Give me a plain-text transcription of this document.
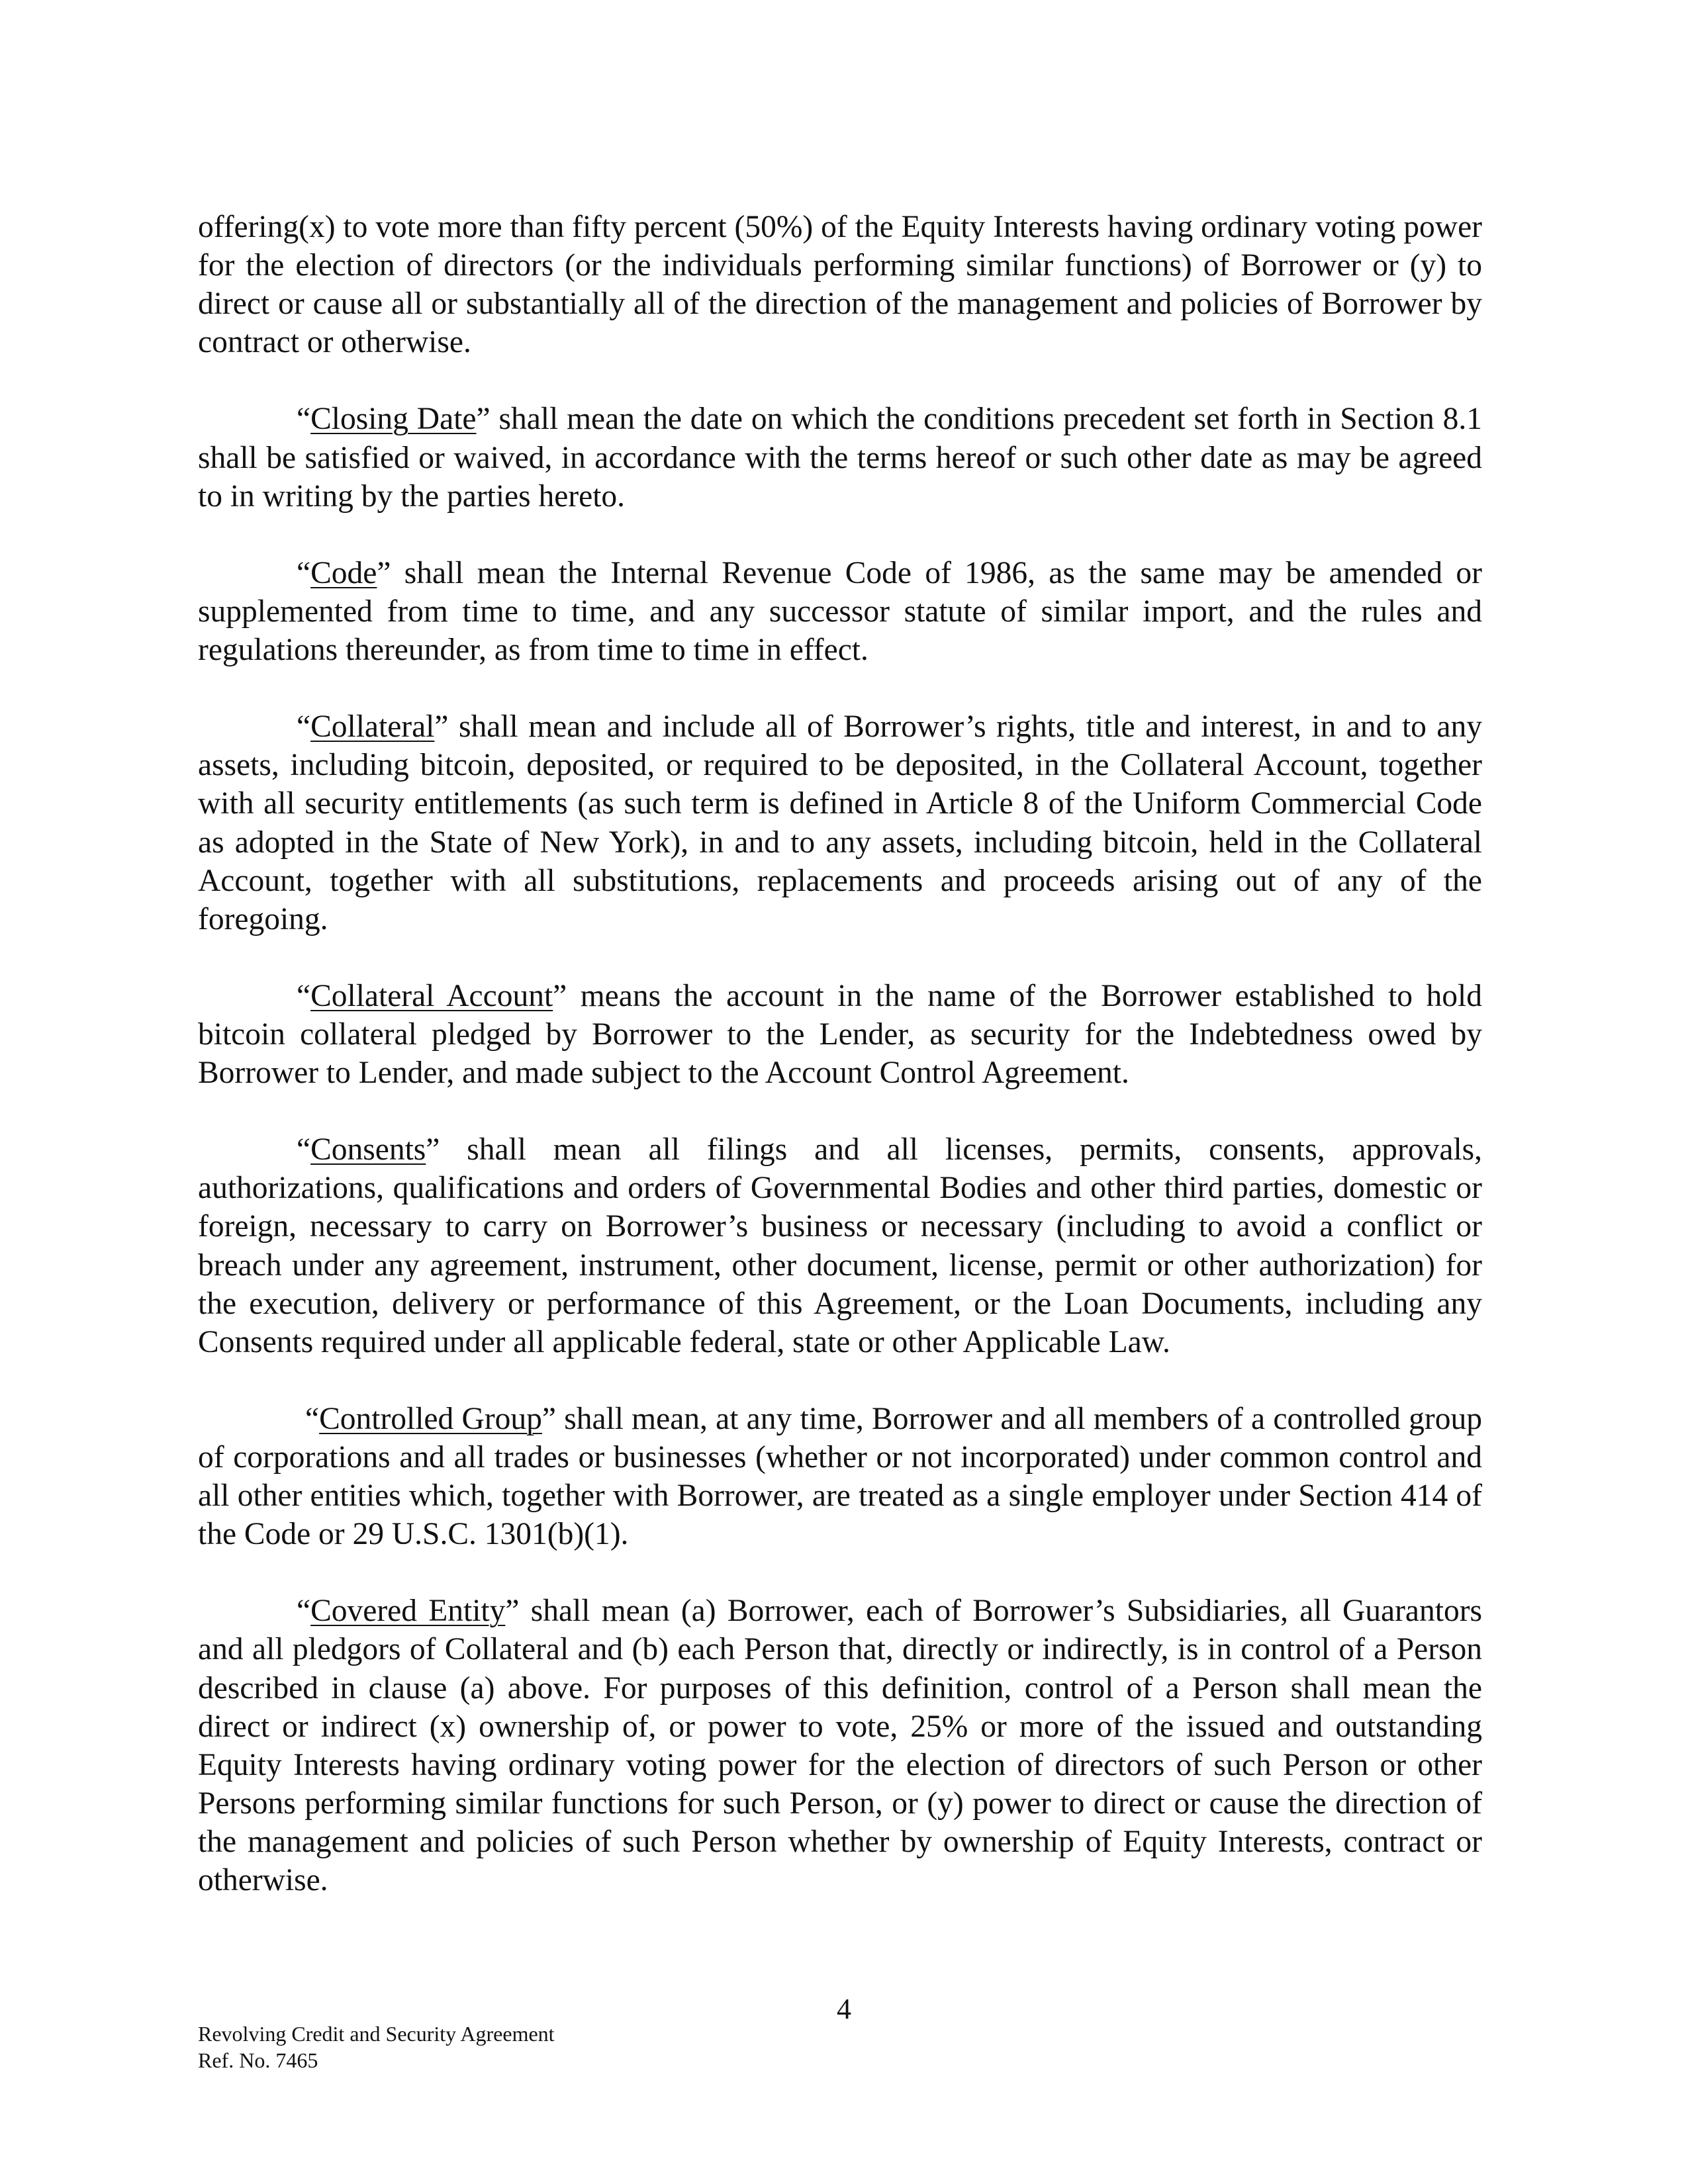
offering(x) to vote more than fifty percent (50%) of the Equity Interests having ordinary voting power for the election of directors (or the individuals performing similar functions) of Borrower or (y) to direct or cause all or substantially all of the direction of the management and policies of Borrower by contract or otherwise.

“Closing Date” shall mean the date on which the conditions precedent set forth in Section 8.1 shall be satisfied or waived, in accordance with the terms hereof or such other date as may be agreed to in writing by the parties hereto.

“Code” shall mean the Internal Revenue Code of 1986, as the same may be amended or supplemented from time to time, and any successor statute of similar import, and the rules and regulations thereunder, as from time to time in effect.

“Collateral” shall mean and include all of Borrower’s rights, title and interest, in and to any assets, including bitcoin, deposited, or required to be deposited, in the Collateral Account, together with all security entitlements (as such term is defined in Article 8 of the Uniform Commercial Code as adopted in the State of New York), in and to any assets, including bitcoin, held in the Collateral Account, together with all substitutions, replacements and proceeds arising out of any of the foregoing.

“Collateral Account” means the account in the name of the Borrower established to hold bitcoin collateral pledged by Borrower to the Lender, as security for the Indebtedness owed by Borrower to Lender, and made subject to the Account Control Agreement.

“Consents” shall mean all filings and all licenses, permits, consents, approvals, authorizations, qualifications and orders of Governmental Bodies and other third parties, domestic or foreign, necessary to carry on Borrower’s business or necessary (including to avoid a conflict or breach under any agreement, instrument, other document, license, permit or other authorization) for the execution, delivery or performance of this Agreement, or the Loan Documents, including any Consents required under all applicable federal, state or other Applicable Law.

“Controlled Group” shall mean, at any time, Borrower and all members of a controlled group of corporations and all trades or businesses (whether or not incorporated) under common control and all other entities which, together with Borrower, are treated as a single employer under Section 414 of the Code or 29 U.S.C. 1301(b)(1).

“Covered Entity” shall mean (a) Borrower, each of Borrower’s Subsidiaries, all Guarantors and all pledgors of Collateral and (b) each Person that, directly or indirectly, is in control of a Person described in clause (a) above. For purposes of this definition, control of a Person shall mean the direct or indirect (x) ownership of, or power to vote, 25% or more of the issued and outstanding Equity Interests having ordinary voting power for the election of directors of such Person or other Persons performing similar functions for such Person, or (y) power to direct or cause the direction of the management and policies of such Person whether by ownership of Equity Interests, contract or otherwise.

4
Revolving Credit and Security Agreement
Ref. No. 7465
